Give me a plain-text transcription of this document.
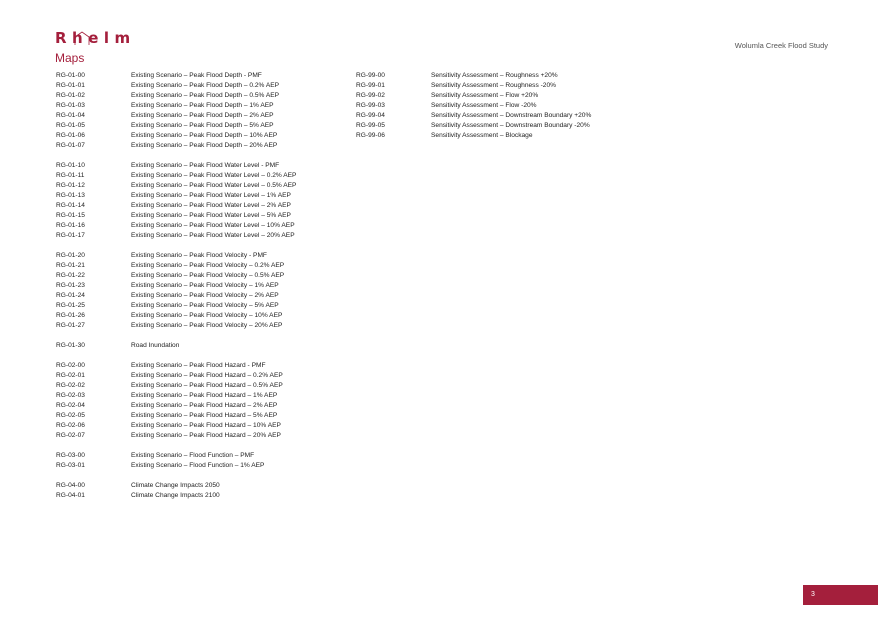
Rhelm
Maps
Wolumla Creek Flood Study
RG-01-00	Existing Scenario – Peak Flood Depth - PMF
RG-01-01	Existing Scenario – Peak Flood Depth – 0.2% AEP
RG-01-02	Existing Scenario – Peak Flood Depth – 0.5% AEP
RG-01-03	Existing Scenario – Peak Flood Depth – 1% AEP
RG-01-04	Existing Scenario – Peak Flood Depth – 2% AEP
RG-01-05	Existing Scenario – Peak Flood Depth – 5% AEP
RG-01-06	Existing Scenario – Peak Flood Depth – 10% AEP
RG-01-07	Existing Scenario – Peak Flood Depth – 20% AEP
RG-01-10	Existing Scenario – Peak Flood Water Level - PMF
RG-01-11	Existing Scenario – Peak Flood Water Level – 0.2% AEP
RG-01-12	Existing Scenario – Peak Flood Water Level – 0.5% AEP
RG-01-13	Existing Scenario – Peak Flood Water Level – 1% AEP
RG-01-14	Existing Scenario – Peak Flood Water Level – 2% AEP
RG-01-15	Existing Scenario – Peak Flood Water Level – 5% AEP
RG-01-16	Existing Scenario – Peak Flood Water Level – 10% AEP
RG-01-17	Existing Scenario – Peak Flood Water Level – 20% AEP
RG-01-20	Existing Scenario – Peak Flood Velocity - PMF
RG-01-21	Existing Scenario – Peak Flood Velocity – 0.2% AEP
RG-01-22	Existing Scenario – Peak Flood Velocity – 0.5% AEP
RG-01-23	Existing Scenario – Peak Flood Velocity – 1% AEP
RG-01-24	Existing Scenario – Peak Flood Velocity – 2% AEP
RG-01-25	Existing Scenario – Peak Flood Velocity – 5% AEP
RG-01-26	Existing Scenario – Peak Flood Velocity – 10% AEP
RG-01-27	Existing Scenario – Peak Flood Velocity – 20% AEP
RG-01-30	Road Inundation
RG-02-00	Existing Scenario – Peak Flood Hazard - PMF
RG-02-01	Existing Scenario – Peak Flood Hazard – 0.2% AEP
RG-02-02	Existing Scenario – Peak Flood Hazard – 0.5% AEP
RG-02-03	Existing Scenario – Peak Flood Hazard – 1% AEP
RG-02-04	Existing Scenario – Peak Flood Hazard – 2% AEP
RG-02-05	Existing Scenario – Peak Flood Hazard – 5% AEP
RG-02-06	Existing Scenario – Peak Flood Hazard – 10% AEP
RG-02-07	Existing Scenario – Peak Flood Hazard – 20% AEP
RG-03-00	Existing Scenario – Flood Function – PMF
RG-03-01	Existing Scenario – Flood Function – 1% AEP
RG-04-00	Climate Change Impacts 2050
RG-04-01	Climate Change Impacts 2100
RG-99-00	Sensitivity Assessment – Roughness +20%
RG-99-01	Sensitivity Assessment – Roughness -20%
RG-99-02	Sensitivity Assessment – Flow +20%
RG-99-03	Sensitivity Assessment – Flow -20%
RG-99-04	Sensitivity Assessment – Downstream Boundary +20%
RG-99-05	Sensitivity Assessment – Downstream Boundary -20%
RG-99-06	Sensitivity Assessment – Blockage
3
